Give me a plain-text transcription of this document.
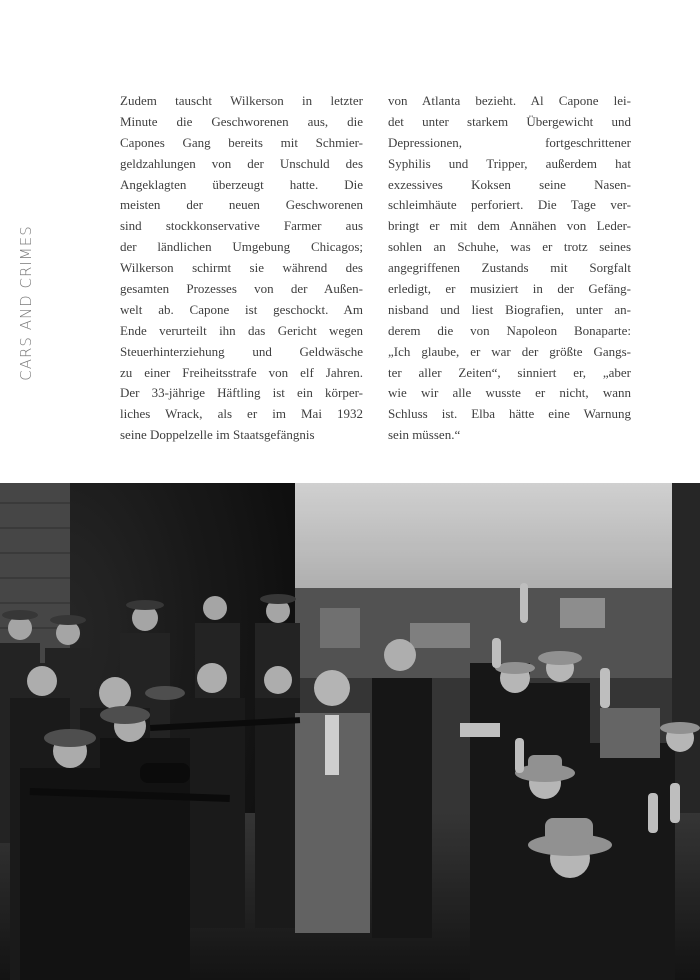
CARS AND CRIMES
Zudem tauscht Wilkerson in letzter
Minute die Geschworenen aus, die
Capones Gang bereits mit Schmier-
geldzahlungen von der Unschuld des
Angeklagten überzeugt hatte. Die
meisten der neuen Geschworenen
sind stockkonservative Farmer aus
der ländlichen Umgebung Chicagos;
Wilkerson schirmt sie während des
gesamten Prozesses von der Außen-
welt ab. Capone ist geschockt. Am
Ende verurteilt ihn das Gericht wegen
Steuerhinterziehung und Geldwäsche
zu einer Freiheitsstrafe von elf Jahren.
Der 33-jährige Häftling ist ein körper-
liches Wrack, als er im Mai 1932
seine Doppelzelle im Staatsgefängnis
von Atlanta bezieht. Al Capone lei-
det unter starkem Übergewicht und
Depressionen, fortgeschrittener
Syphilis und Tripper, außerdem hat
exzessives Koksen seine Nasen-
schleimhäute perforiert. Die Tage ver-
bringt er mit dem Annähen von Leder-
sohlen an Schuhe, was er trotz seines
angegriffenen Zustands mit Sorgfalt
erledigt, er musiziert in der Gefäng-
nisband und liest Biografien, unter an-
derem die von Napoleon Bonaparte:
„Ich glaube, er war der größte Gangs-
ter aller Zeiten“, sinniert er, „aber
wie wir alle wusste er nicht, wann
Schluss ist. Elba hätte eine Warnung
sein müssen.“
